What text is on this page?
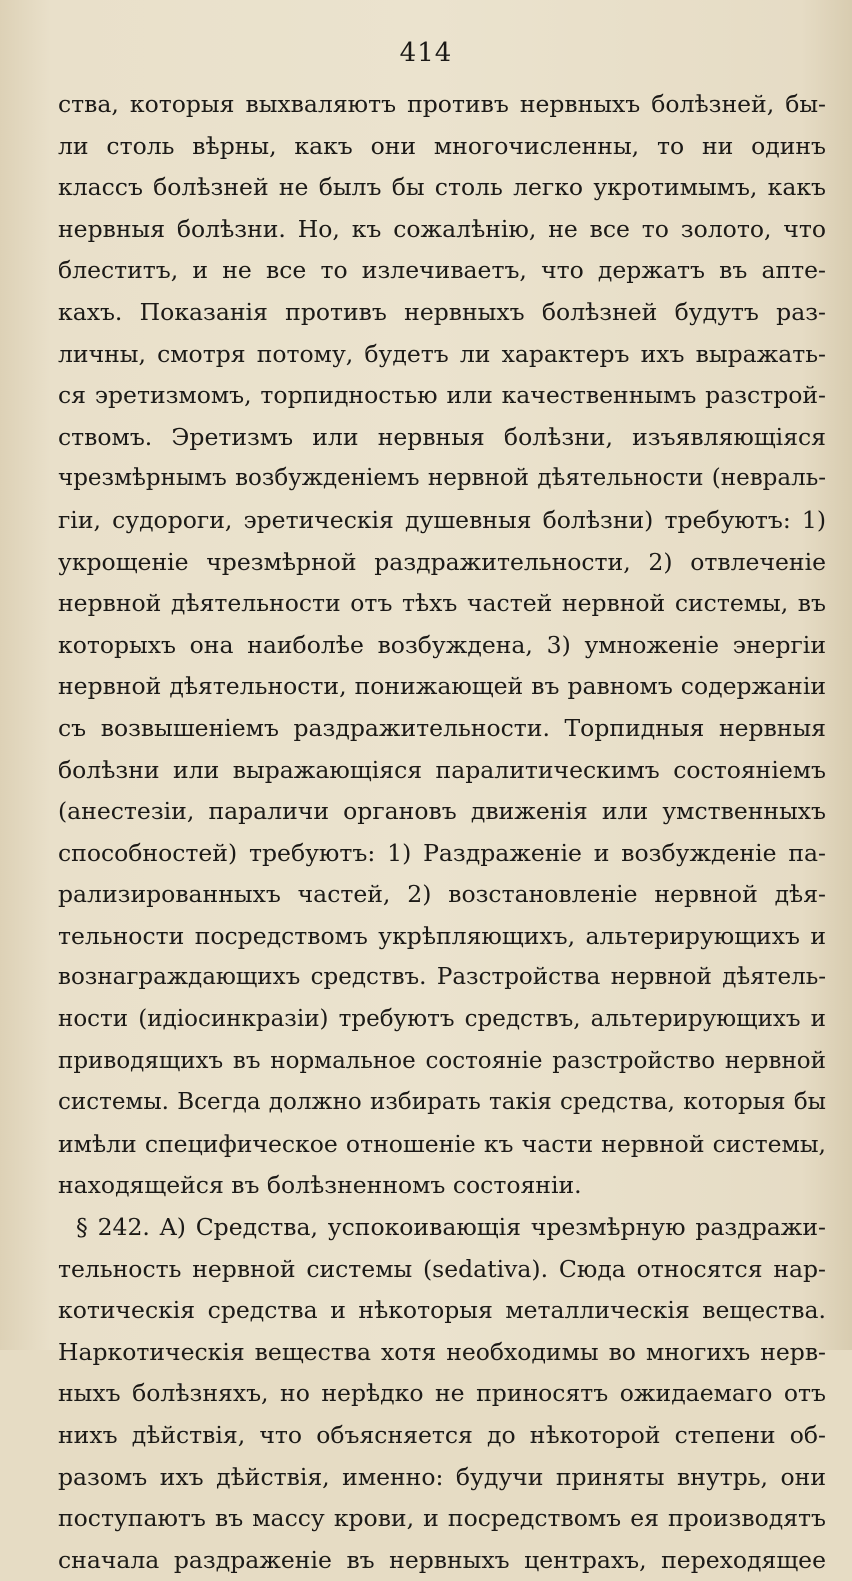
414
ства, которыя выхваляютъ противъ нервныхъ болѣзней, бы-
ли столь вѣрны, какъ они многочисленны, то ни одинъ
классъ болѣзней не былъ бы столь легко укротимымъ, какъ
нервныя болѣзни. Но, къ сожалѣнію, не все то золото, что
блеститъ, и не все то излечиваетъ, что держатъ въ апте-
кахъ. Показанія противъ нервныхъ болѣзней будутъ раз-
личны, смотря потому, будетъ ли характеръ ихъ выражать-
ся эретизмомъ, торпидностью или качественнымъ разстрой-
ствомъ. Эретизмъ или нервныя болѣзни, изъявляющіяся
чрезмѣрнымъ возбужденіемъ нервной дѣятельности (невраль-
гіи, судороги, эретическія душевныя болѣзни) требуютъ: 1)
укрощеніе чрезмѣрной раздражительности, 2) отвлеченіе
нервной дѣятельности отъ тѣхъ частей нервной системы, въ
которыхъ она наиболѣе возбуждена, 3) умноженіе энергіи
нервной дѣятельности, понижающей въ равномъ содержаніи
съ возвышеніемъ раздражительности. Торпидныя нервныя
болѣзни или выражающіяся паралитическимъ состояніемъ
(анестезіи, параличи органовъ движенія или умственныхъ
способностей) требуютъ: 1) Раздраженіе и возбужденіе па-
рализированныхъ частей, 2) возстановленіе нервной дѣя-
тельности посредствомъ укрѣпляющихъ, альтерирующихъ и
вознаграждающихъ средствъ. Разстройства нервной дѣятель-
ности (идіосинкразіи) требуютъ средствъ, альтерирующихъ и
приводящихъ въ нормальное состояніе разстройство нервной
системы. Всегда должно избирать такія средства, которыя бы
имѣли специфическое отношеніе къ части нервной системы,
находящейся въ болѣзненномъ состояніи.
§ 242. A) Средства, успокоивающія чрезмѣрную раздражи-
тельность нервной системы (sedativa). Сюда относятся нар-
котическія средства и нѣкоторыя металлическія вещества.
Наркотическія вещества хотя необходимы во многихъ нерв-
ныхъ болѣзняхъ, но нерѣдко не приносятъ ожидаемаго отъ
нихъ дѣйствія, что объясняется до нѣкоторой степени об-
разомъ ихъ дѣйствія, именно: будучи приняты внутрь, они
поступаютъ въ массу крови, и посредствомъ ея производятъ
сначала раздраженіе въ нервныхъ центрахъ, переходящее
